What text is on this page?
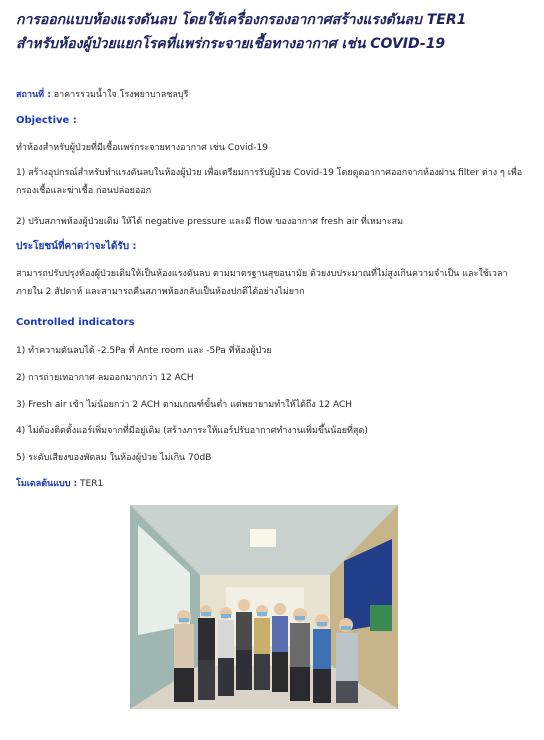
การออกแบบห้องแรงดันลบ โดยใช้เครื่องกรองอากาศสร้างแรงดันลบ TER1
สำหรับห้องผู้ป่วยแยกโรคที่แพร่กระจายเชื้อทางอากาศ เช่น COVID-19

สถานที่ : อาคารรวมน้ำใจ โรงพยาบาลชลบุรี

Objective :

ทำห้องสำหรับผู้ป่วยที่มีเชื้อแพร่กระจายทางอากาศ เช่น Covid-19

1) สร้างอุปกรณ์สำหรับทำแรงดันลบในห้องผู้ป่วย เพื่อเตรียมการรับผู้ป่วย Covid-19 โดยดูดอากาศออกจากห้องผ่าน filter ต่าง ๆ เพื่อกรองเชื้อและฆ่าเชื้อ ก่อนปล่อยออก

2) ปรับสภาพห้องผู้ป่วยเดิม ให้ได้ negative pressure และมี flow ของอากาศ fresh air ที่เหมาะสม

ประโยชน์ที่คาดว่าจะได้รับ :

สามารถปรับปรุงห้องผู้ป่วยเดิมให้เป็นห้องแรงดันลบ ตามมาตรฐานสุขอนามัย ด้วยงบประมาณที่ไม่สูงเกินความจำเป็น และใช้เวลาภายใน 2 สัปดาห์ และสามารถคืนสภาพห้องกลับเป็นห้องปกติได้อย่างไม่ยาก

Controlled indicators

1) ทำความดันลบได้ -2.5Pa ที่ Ante room และ -5Pa ที่ห้องผู้ป่วย

2) การถ่ายเทอากาศ ลมออกมากกว่า 12 ACH

3) Fresh air เข้า ไม่น้อยกว่า 2 ACH ตามเกณฑ์ขั้นต่ำ แต่พยายามทำให้ได้ถึง 12 ACH

4) ไม่ต้องติดตั้งแอร์เพิ่มจากที่มีอยู่เดิม (สร้างภาระให้แอร์ปรับอากาศทำงานเพิ่มขึ้นน้อยที่สุด)

5) ระดับเสียงของพัดลม ในห้องผู้ป่วย ไม่เกิน 70dB

โมเดลต้นแบบ : TER1
